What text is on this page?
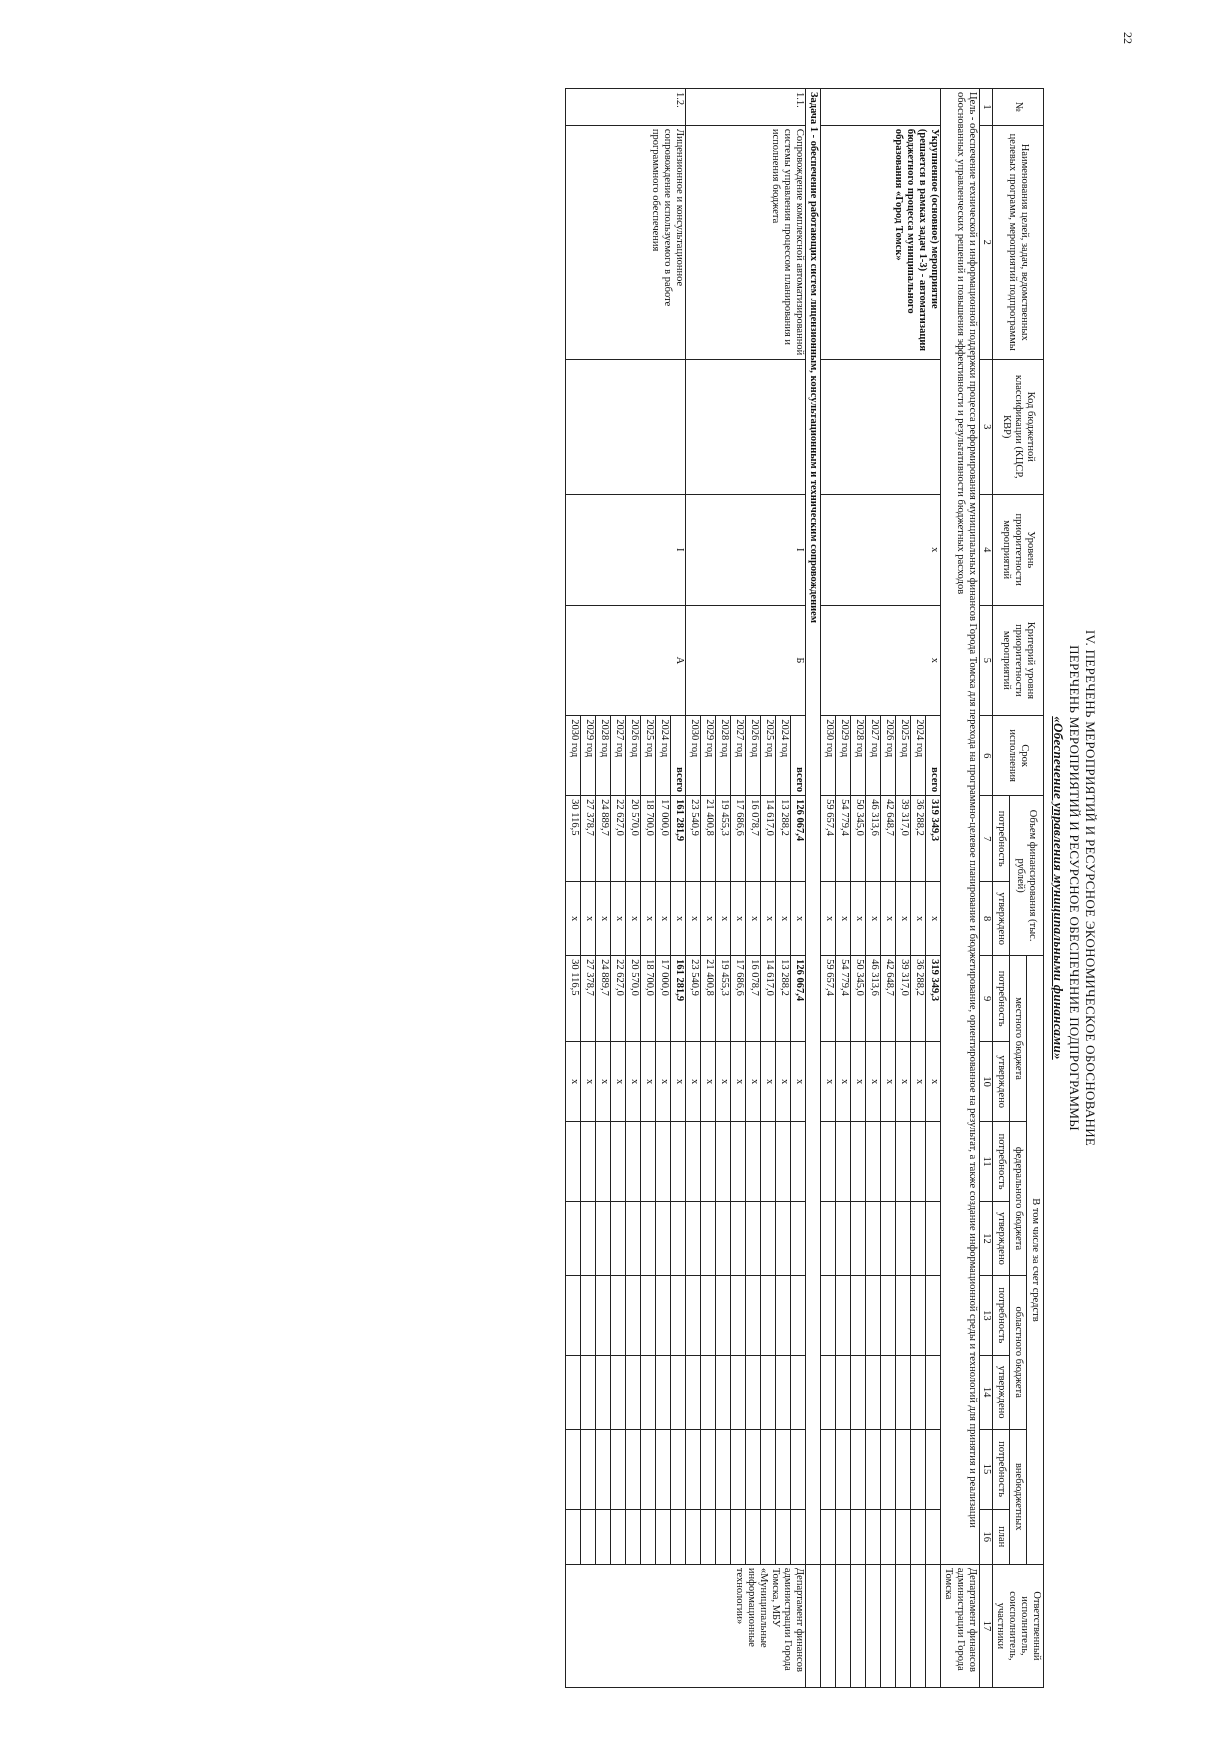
22
IV. ПЕРЕЧЕНЬ МЕРОПРИЯТИЙ И РЕСУРСНОЕ ЭКОНОМИЧЕСКОЕ ОБОСНОВАНИЕ
ПЕРЕЧЕНЬ МЕРОПРИЯТИЙ И РЕСУРСНОЕ ОБЕСПЕЧЕНИЕ ПОДПРОГРАММЫ
«Обеспечение управления муниципальными финансами»
№	Наименования целей, задач, ведомственных целевых программ, мероприятий подпрограммы	Код бюджетной классификации (КЦСР, КВР)	Уровень приоритетности мероприятий	Критерий уровня приоритетности мероприятий	Срок исполнения	Объем финансирования (тыс. рублей)		В том числе за счет средств								Ответственный исполнитель, соисполнитель, участники
								местного бюджета		федерального бюджета		областного бюджета		внебюджетных		
						потребность	утверждено	потребность	утверждено	потребность	утверждено	потребность	утверждено	потребность	план	
1	2	3	4	5	6	7	8	9	10	11	12	13	14	15	16	17
Цель - обеспечение технической и информационной поддержки процесса реформирования муниципальных финансов Города Томска для перехода на программно-целевое планирование и бюджетирование, ориентированное на результат, а также создание информационной среды и технологий для принятия и реализации обоснованных управленческих решений и повышения эффективности и результативности бюджетных расходов																Департамент финансов администрации Города Томска
	Укрупненное (основное) мероприятие (решается в рамках задач 1-3) - автоматизация бюджетного процесса муниципального образования «Город Томск»		x	x	всего	319 349,3	x	319 349,3	x							
					2024 год	36 288,2	x	36 288,2	x							
					2025 год	39 317,0	x	39 317,0	x							
					2026 год	42 648,7	x	42 648,7	x							
					2027 год	46 313,6	x	46 313,6	x							
					2028 год	50 345,0	x	50 345,0	x							
					2029 год	54 779,4	x	54 779,4	x							
					2030 год	59 657,4	x	59 657,4	x							
Задача 1 - обеспечение работающих систем лицензионным, консультационным и техническим сопровождением																
1.1.	Сопровождение комплексной автоматизированной системы управления процессом планирования и исполнения бюджета		I	Б	всего	126 067,4	x	126 067,4	x							Департамент финансов администрации Города Томска, МБУ «Муниципальные информационные технологии»
					2024 год	13 288,2	x	13 288,2	x							
					2025 год	14 617,0	x	14 617,0	x							
					2026 год	16 078,7	x	16 078,7	x							
					2027 год	17 686,6	x	17 686,6	x							
					2028 год	19 455,3	x	19 455,3	x							
					2029 год	21 400,8	x	21 400,8	x							
					2030 год	23 540,9	x	23 540,9	x							
1.2.	Лицензионное и консультационное сопровождение используемого в работе программного обеспечения		I	А	всего	161 281,9	x	161 281,9	x							
					2024 год	17 000,0	x	17 000,0	x							
					2025 год	18 700,0	x	18 700,0	x							
					2026 год	20 570,0	x	20 570,0	x							
					2027 год	22 627,0	x	22 627,0	x							
					2028 год	24 889,7	x	24 889,7	x							
					2029 год	27 378,7	x	27 378,7	x							
					2030 год	30 116,5	x	30 116,5	x							
